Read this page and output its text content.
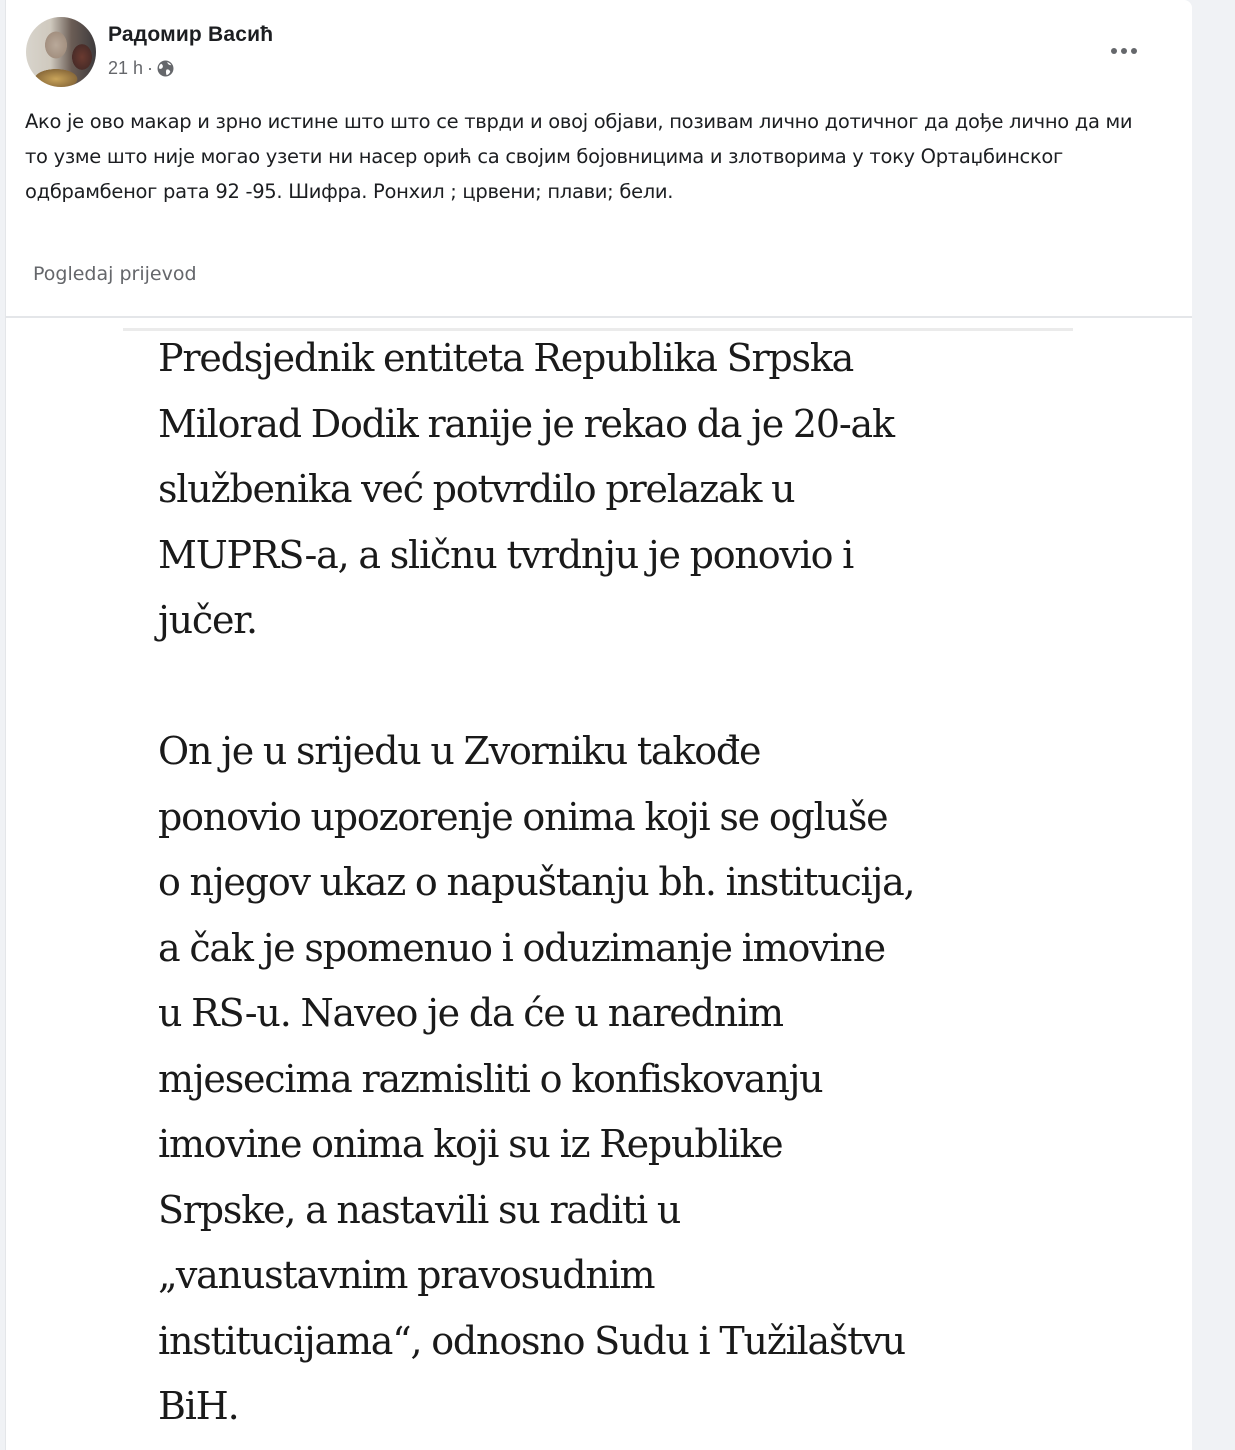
Радомир Васић
21 h ·
Ако је ово макар и зрно истине што што се тврди и овој објави, позивам лично дотичног да дође лично да ми то узме што није могао узети ни насер орић са својим бојовницима и злотворима у току Ортаџбинског одбрамбеног рата 92 -95. Шифра. Ронхил ; црвени; плави; бели.
Pogledaj prijevod
Predsjednik entiteta Republika Srpska
Milorad Dodik ranije je rekao da je 20-ak
službenika već potvrdilo prelazak u
MUPRS-a, a sličnu tvrdnju je ponovio i
jučer.
On je u srijedu u Zvorniku takođe
ponovio upozorenje onima koji se ogluše
o njegov ukaz o napuštanju bh. institucija,
a čak je spomenuo i oduzimanje imovine
u RS-u. Naveo je da će u narednim
mjesecima razmisliti o konfiskovanju
imovine onima koji su iz Republike
Srpske, a nastavili su raditi u
„vanustavnim pravosudnim
institucijama“, odnosno Sudu i Tužilaštvu
BiH.
